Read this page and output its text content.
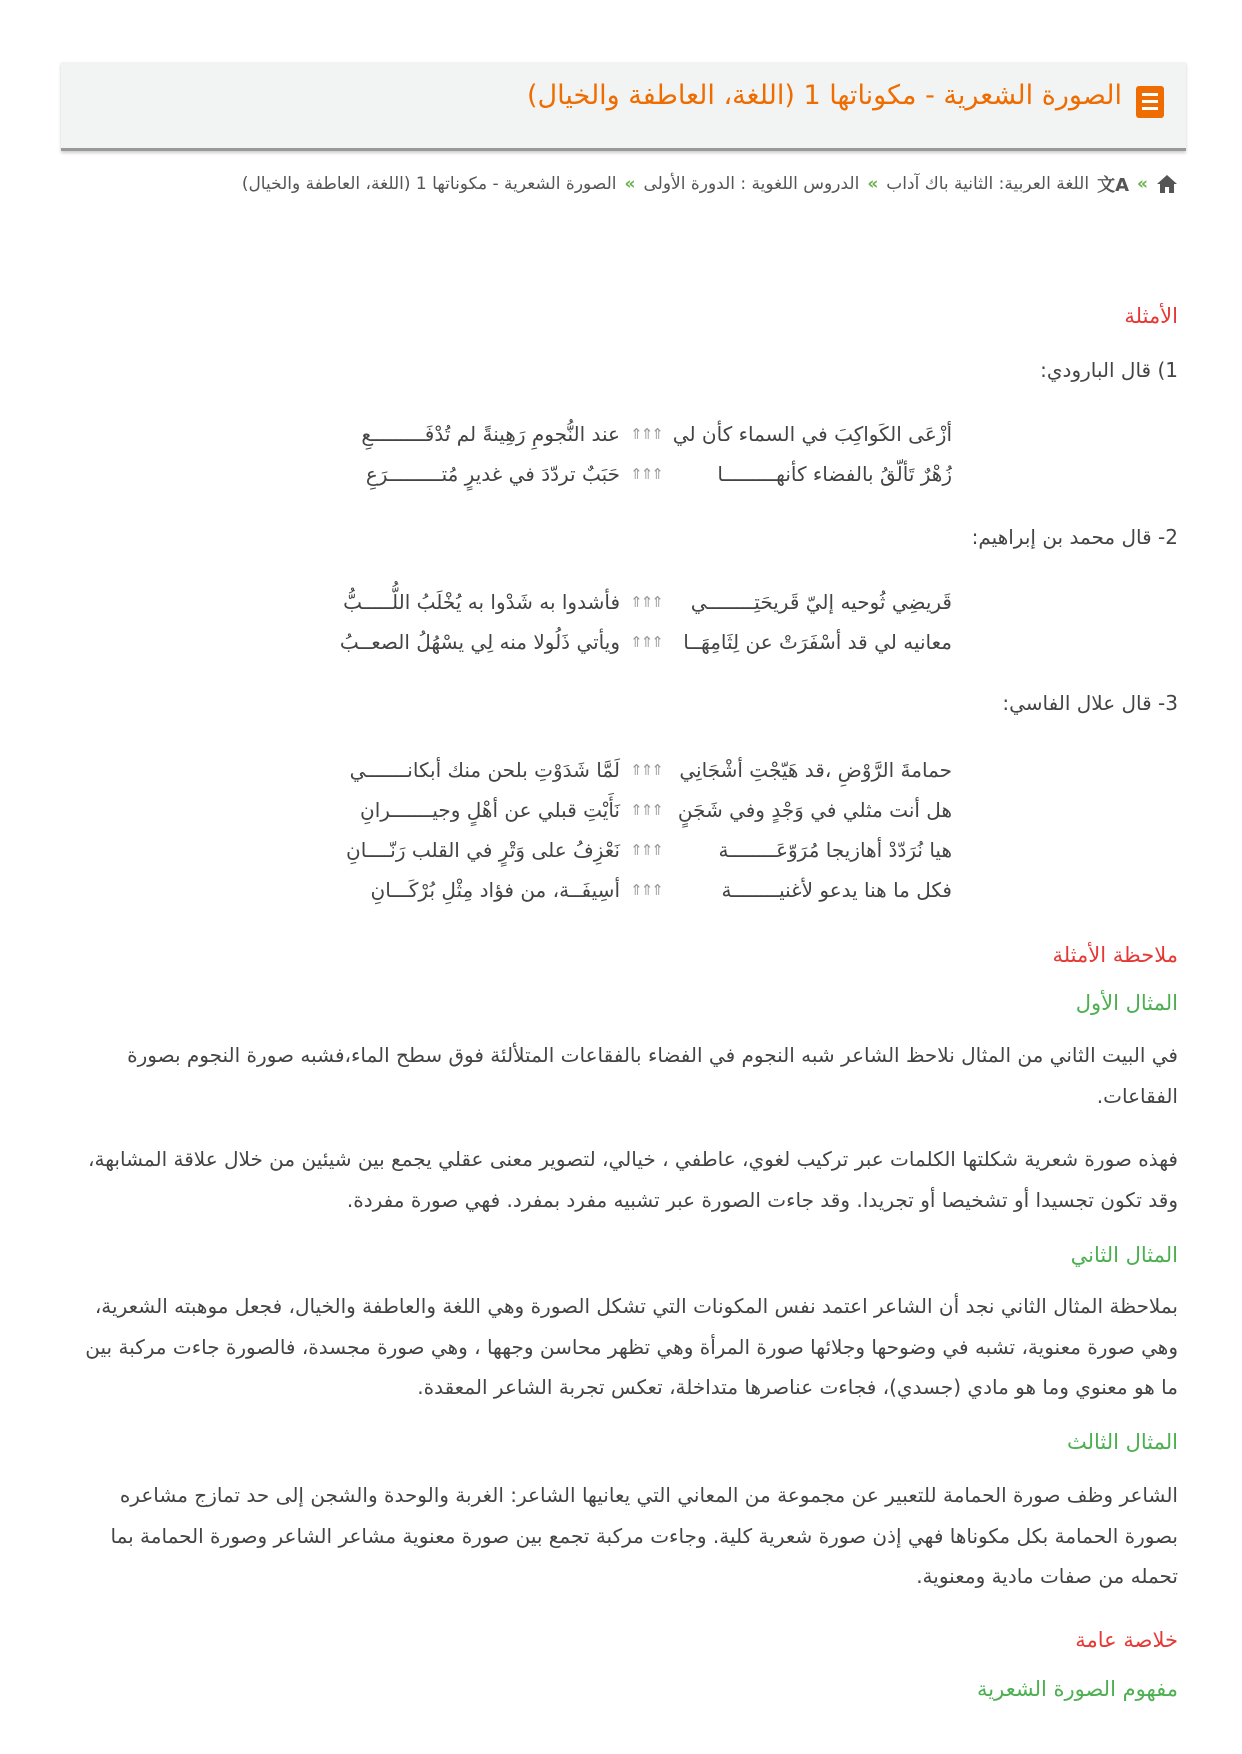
الصورة الشعرية - مكوناتها 1 (اللغة، العاطفة والخيال)
»
文A
اللغة العربية: الثانية باك آداب
»
الدروس اللغوية : الدورة الأولى
»
الصورة الشعرية - مكوناتها 1 (اللغة، العاطفة والخيال)
الأمثلة
1) قال البارودي:
أزْعَى الكَواكِبَ في السماء كأن لي
⇑⇑⇑
عند النُّجومِ رَهِينةً لم تُدْفَـــــــــعِ
زُهْرٌ تَألّقُ بالفضاء كأنهـــــــــا
⇑⇑⇑
حَبَبٌ تردّدَ في غديرٍ مُتـــــــــرَعِ
2- قال محمد بن إبراهيم:
قَريضِي ثُوحيه إليّ قَريحَتِــــــــي
⇑⇑⇑
فأشدوا به شَدْوا به يُخْلَبُ اللُّـــــبُّ
معانيه لي قد أسْفَرَتْ عن لِثَامِهَــا
⇑⇑⇑
ويأتي ذَلُولا منه لِي يسْهُلُ الصعــبُ
3- قال علال الفاسي:
حمامةَ الرَّوْضِ ،قد هَيّجْتِ أشْجَانِي
⇑⇑⇑
لَمَّا شَدَوْتِ بلحن منك أبكانـــــــي
هل أنت مثلي في وَجْدٍ وفي شَجَنٍ
⇑⇑⇑
نَأَيْتِ قبلي عن أهْلٍ وجيـــــــرانِ
هيا نُرَدّدْ أهازيجا مُرَوّعَــــــــة
⇑⇑⇑
نَعْزِفُ على وَتْرٍ في القلب رَنّــــانِ
فكل ما هنا يدعو لأغنيــــــــة
⇑⇑⇑
أسِيفَــة، من فؤاد مِثْلِ بُرْكَـــانِ
ملاحظة الأمثلة
المثال الأول

في البيت الثاني من المثال نلاحظ الشاعر شبه النجوم في الفضاء بالفقاعات المتلألئة فوق سطح الماء،فشبه صورة النجوم بصورة الفقاعات.

فهذه صورة شعرية شكلتها الكلمات عبر تركيب لغوي، عاطفي ، خيالي، لتصوير معنى عقلي يجمع بين شيئين من خلال علاقة المشابهة، وقد تكون تجسيدا أو تشخيصا أو تجريدا. وقد جاءت الصورة عبر تشبيه مفرد بمفرد. فهي صورة مفردة.

المثال الثاني

بملاحظة المثال الثاني نجد أن الشاعر اعتمد نفس المكونات التي تشكل الصورة وهي اللغة والعاطفة والخيال، فجعل موهبته الشعرية، وهي صورة معنوية، تشبه في وضوحها وجلائها صورة المرأة وهي تظهر محاسن وجهها ، وهي صورة مجسدة، فالصورة جاءت مركبة بين ما هو معنوي وما هو مادي (جسدي)، فجاءت عناصرها متداخلة، تعكس تجربة الشاعر المعقدة.

المثال الثالث

الشاعر وظف صورة الحمامة للتعبير عن مجموعة من المعاني التي يعانيها الشاعر: الغربة والوحدة والشجن إلى حد تمازج مشاعره بصورة الحمامة بكل مكوناها فهي إذن صورة شعرية كلية. وجاءت مركبة تجمع بين صورة معنوية مشاعر الشاعر وصورة الحمامة بما تحمله من صفات مادية ومعنوية.

خلاصة عامة
مفهوم الصورة الشعرية
